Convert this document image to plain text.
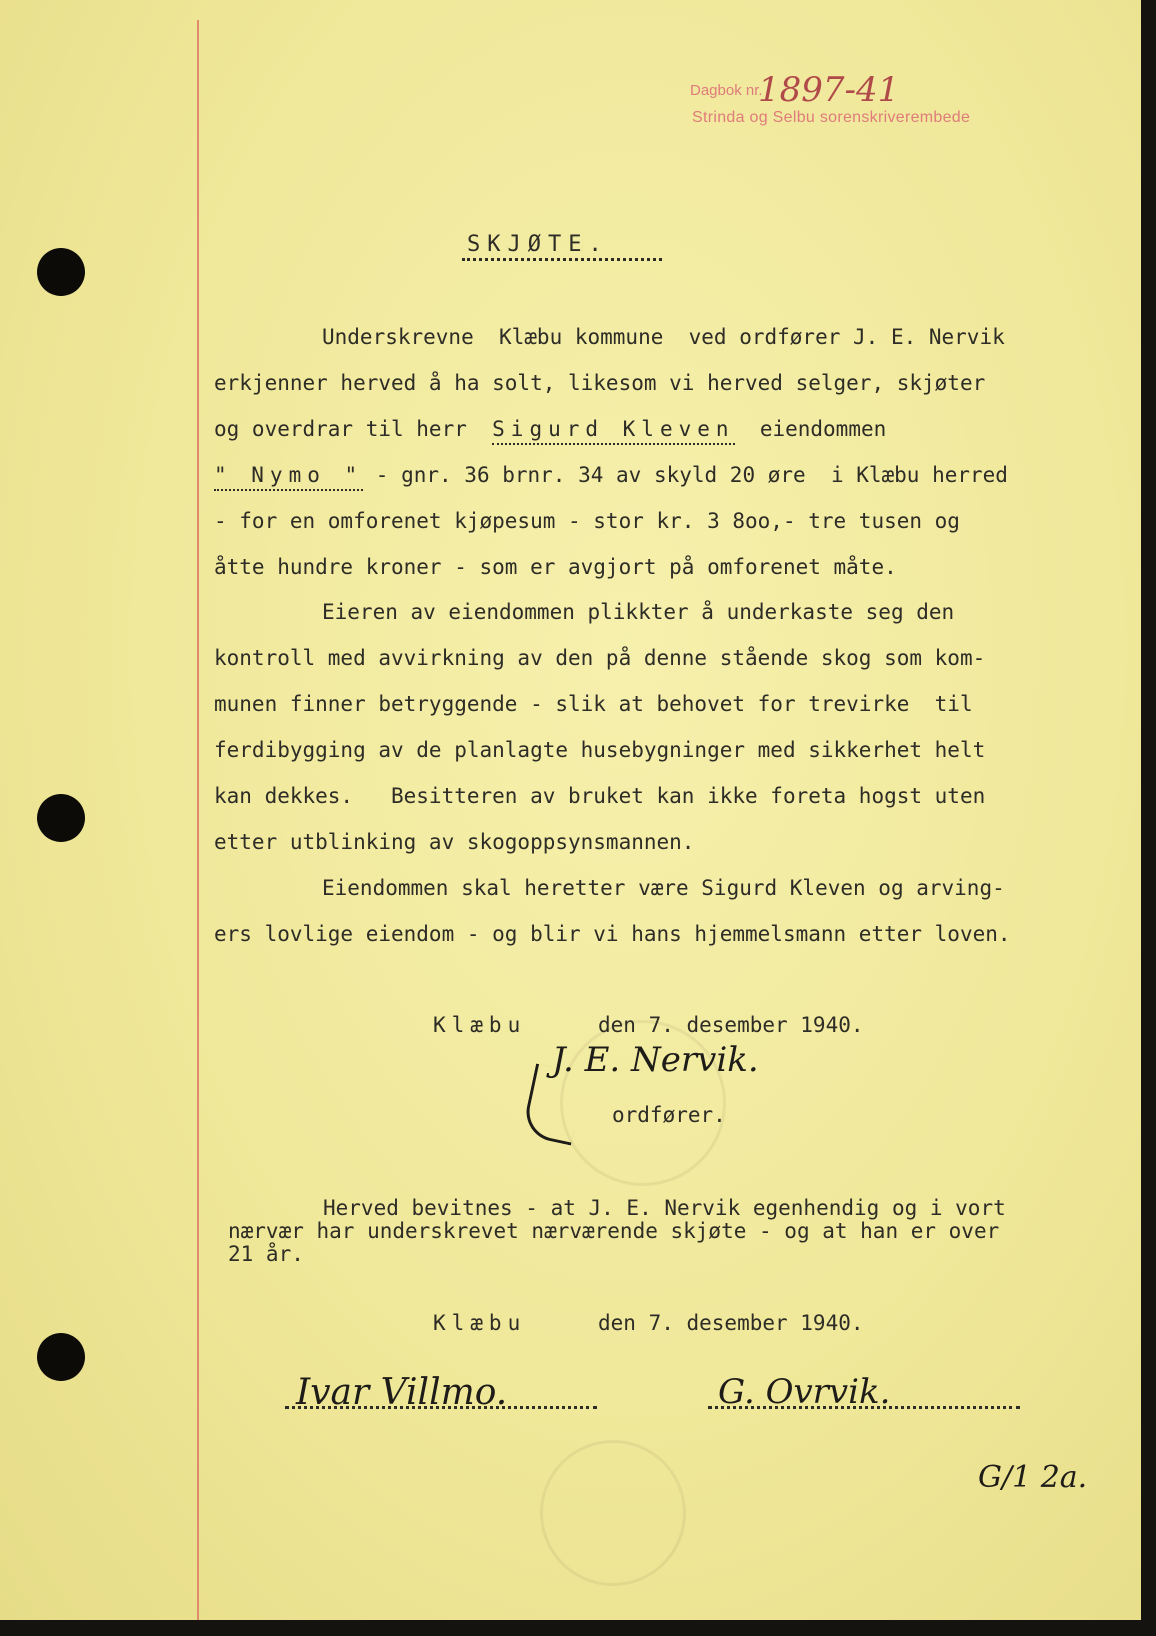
Dagbok nr.
1897-41
Strinda og Selbu sorenskriverembede
SKJØTE.
Underskrevne  Klæbu kommune  ved ordfører J. E. Nervik
erkjenner herved å ha solt, likesom vi herved selger, skjøter
og overdrar til herr  Sigurd Kleven  eiendommen
" Nymo " - gnr. 36 brnr. 34 av skyld 20 øre  i Klæbu herred
- for en omforenet kjøpesum - stor kr. 3 8oo,- tre tusen og
åtte hundre kroner - som er avgjort på omforenet måte.
Eieren av eiendommen plikkter å underkaste seg den
kontroll med avvirkning av den på denne stående skog som kom-
munen finner betryggende - slik at behovet for trevirke  til
ferdibygging av de planlagte husebygninger med sikkerhet helt
kan dekkes.   Besitteren av bruket kan ikke foreta hogst uten
etter utblinking av skogoppsynsmannen.
Eiendommen skal heretter være Sigurd Kleven og arving-
ers lovlige eiendom - og blir vi hans hjemmelsmann etter loven.
Klæbu	den 7. desember 1940.
J. E. Nervik.
ordfører.
Herved bevitnes - at J. E. Nervik egenhendig og i vort
nærvær har underskrevet nærværende skjøte - og at han er over
21 år.
Klæbu	den 7. desember 1940.
Ivar Villmo.	G. Ovrvik.
G/1 2a.
